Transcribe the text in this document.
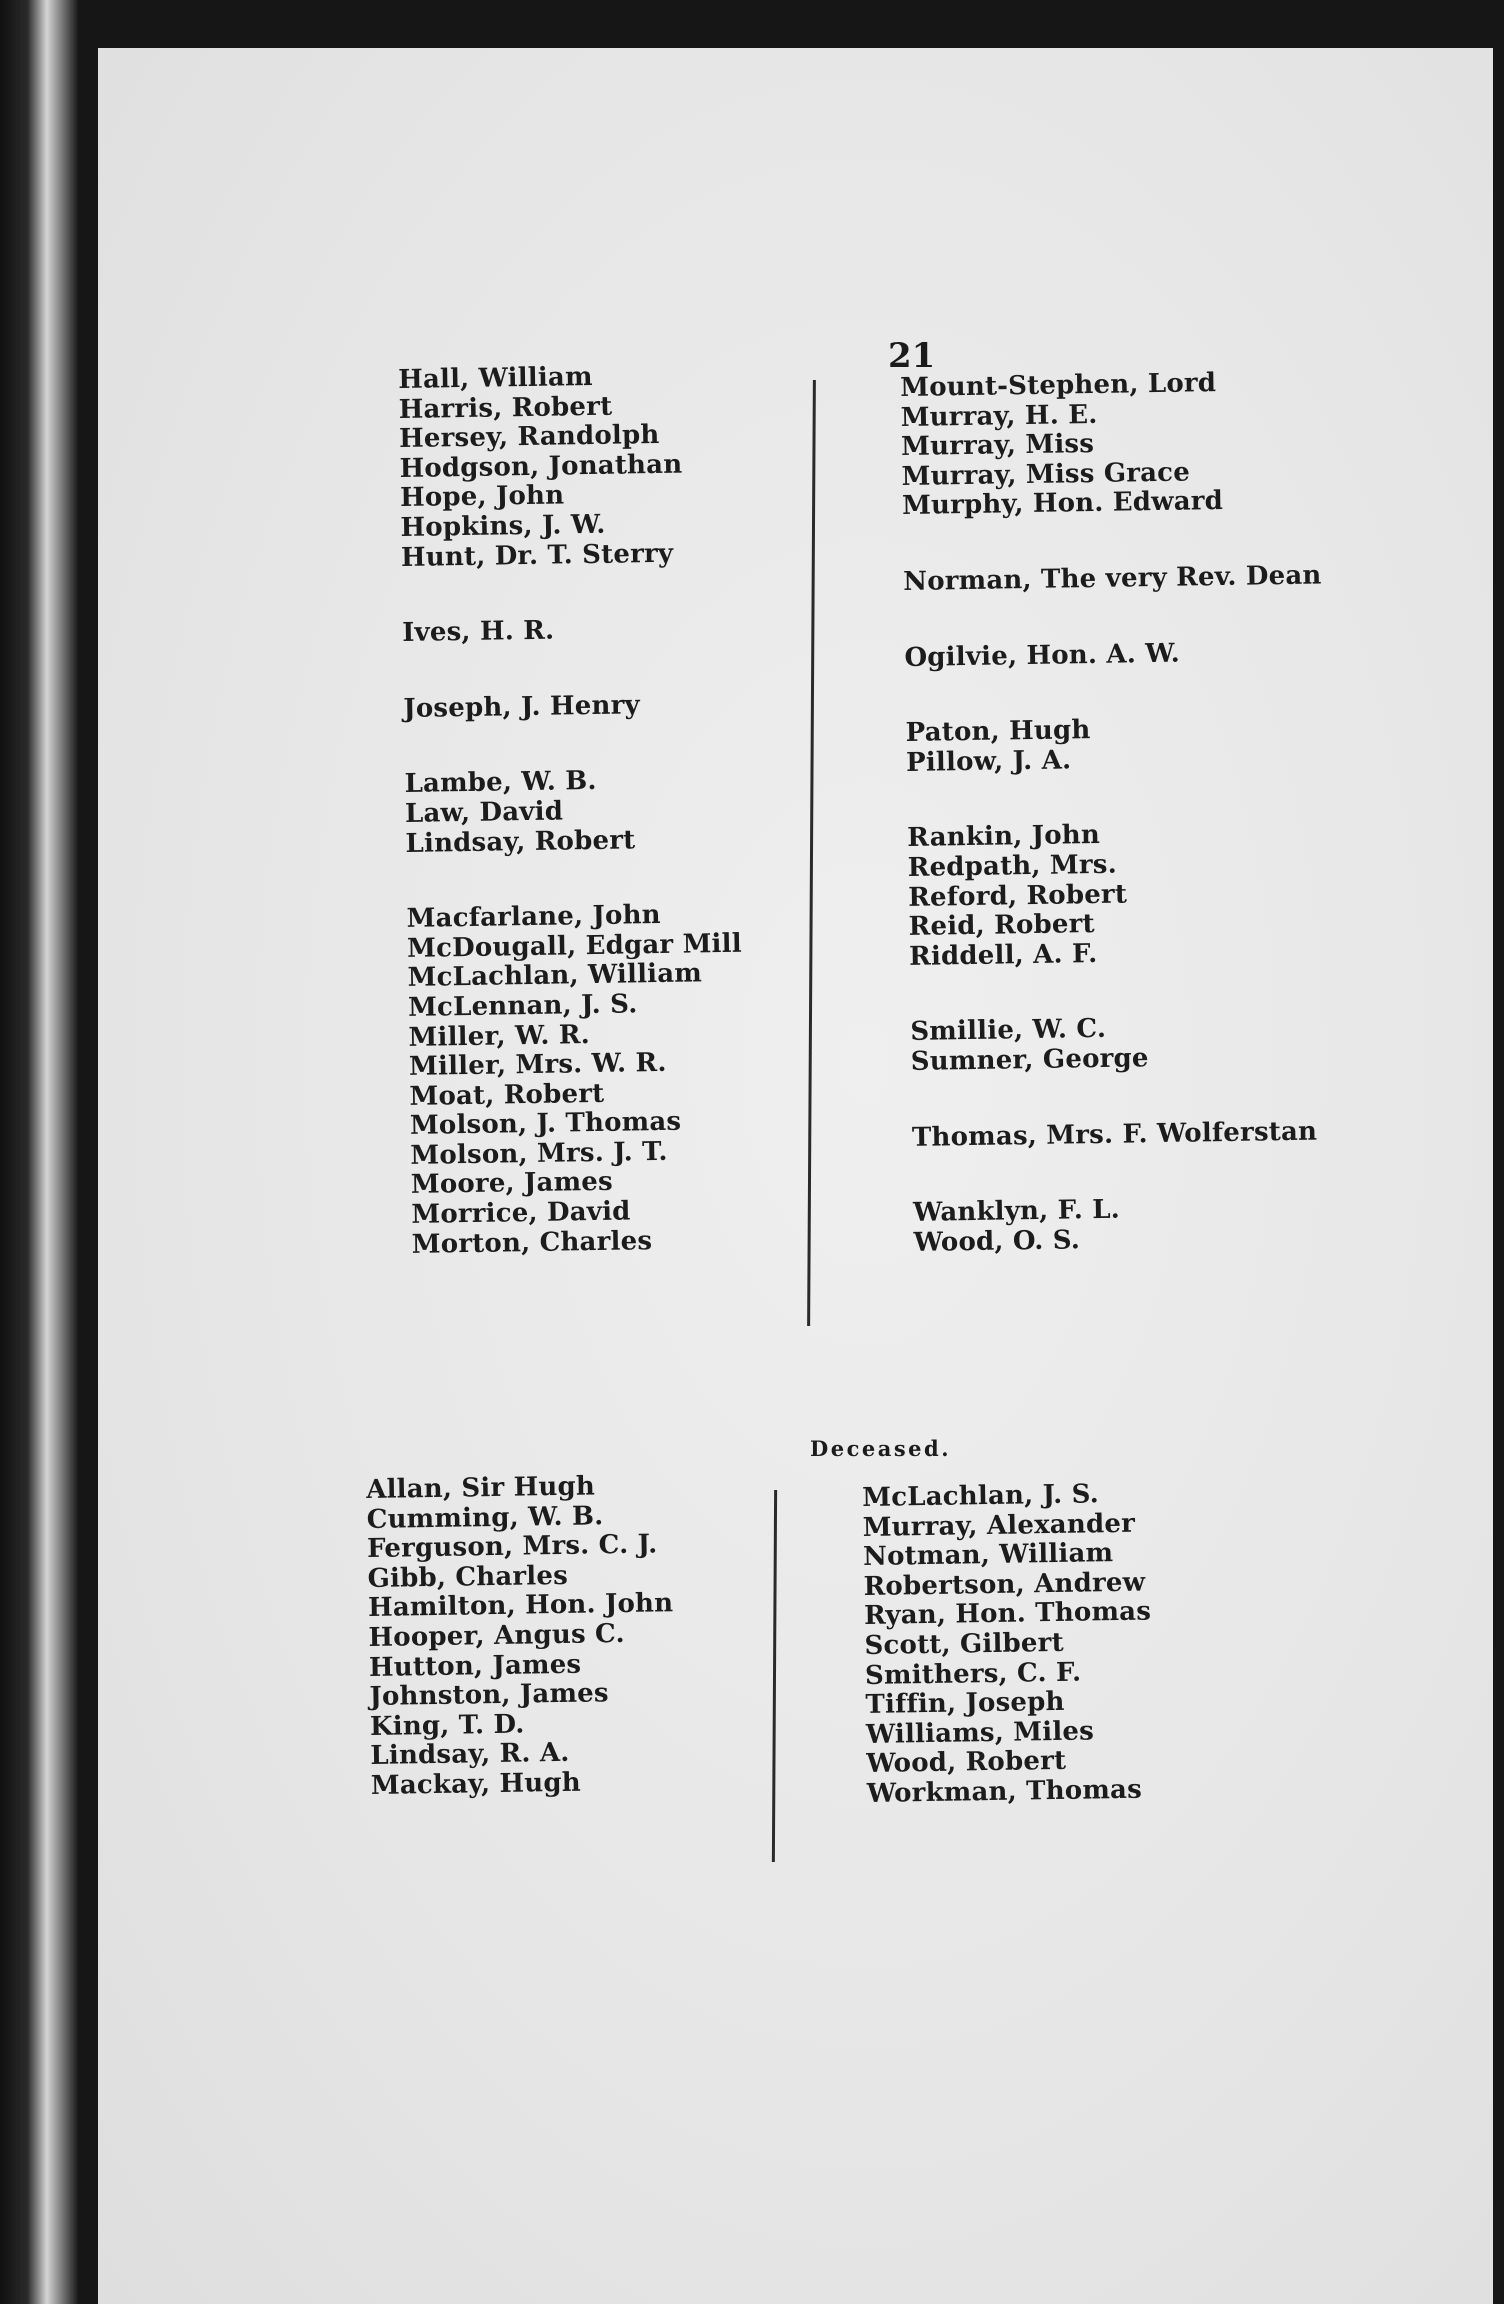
21
Hall, William
Harris, Robert
Hersey, Randolph
Hodgson, Jonathan
Hope, John
Hopkins, J. W.
Hunt, Dr. T. Sterry
Ives, H. R.
Joseph, J. Henry
Lambe, W. B.
Law, David
Lindsay, Robert
Macfarlane, John
McDougall, Edgar Mill
McLachlan, William
McLennan, J. S.
Miller, W. R.
Miller, Mrs. W. R.
Moat, Robert
Molson, J. Thomas
Molson, Mrs. J. T.
Moore, James
Morrice, David
Morton, Charles
Mount-Stephen, Lord
Murray, H. E.
Murray, Miss
Murray, Miss Grace
Murphy, Hon. Edward
Norman, The very Rev. Dean
Ogilvie, Hon. A. W.
Paton, Hugh
Pillow, J. A.
Rankin, John
Redpath, Mrs.
Reford, Robert
Reid, Robert
Riddell, A. F.
Smillie, W. C.
Sumner, George
Thomas, Mrs. F. Wolferstan
Wanklyn, F. L.
Wood, O. S.
Deceased.
Allan, Sir Hugh
Cumming, W. B.
Ferguson, Mrs. C. J.
Gibb, Charles
Hamilton, Hon. John
Hooper, Angus C.
Hutton, James
Johnston, James
King, T. D.
Lindsay, R. A.
Mackay, Hugh
McLachlan, J. S.
Murray, Alexander
Notman, William
Robertson, Andrew
Ryan, Hon. Thomas
Scott, Gilbert
Smithers, C. F.
Tiffin, Joseph
Williams, Miles
Wood, Robert
Workman, Thomas
